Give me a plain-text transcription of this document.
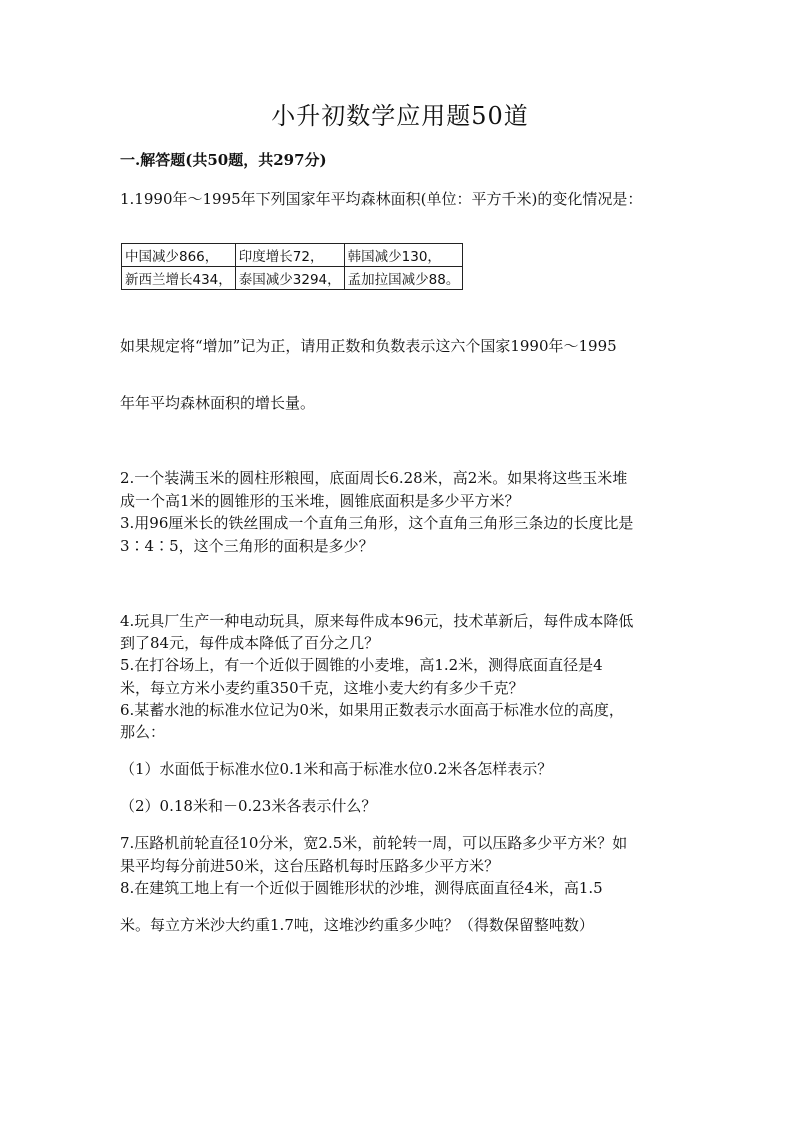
小升初数学应用题50道
一.解答题(共50题，共297分)
1.1990年～1995年下列国家年平均森林面积(单位：平方千米)的变化情况是：
中国减少866，	印度增长72，	韩国减少130，
新西兰增长434，	泰国减少3294，	孟加拉国减少88。
如果规定将“增加”记为正，请用正数和负数表示这六个国家1990年～1995
年年平均森林面积的增长量。
2.一个装满玉米的圆柱形粮囤，底面周长6.28米，高2米。如果将这些玉米堆
成一个高1米的圆锥形的玉米堆，圆锥底面积是多少平方米？
3.用96厘米长的铁丝围成一个直角三角形，这个直角三角形三条边的长度比是
3∶4∶5，这个三角形的面积是多少？
4.玩具厂生产一种电动玩具，原来每件成本96元，技术革新后，每件成本降低
到了84元，每件成本降低了百分之几？
5.在打谷场上，有一个近似于圆锥的小麦堆，高1.2米，测得底面直径是4
米，每立方米小麦约重350千克，这堆小麦大约有多少千克？
6.某蓄水池的标准水位记为0米，如果用正数表示水面高于标准水位的高度，
那么：
（1）水面低于标准水位0.1米和高于标准水位0.2米各怎样表示？
（2）0.18米和－0.23米各表示什么？
7.压路机前轮直径10分米，宽2.5米，前轮转一周，可以压路多少平方米？如
果平均每分前进50米，这台压路机每时压路多少平方米？
8.在建筑工地上有一个近似于圆锥形状的沙堆，测得底面直径4米，高1.5
米。每立方米沙大约重1.7吨，这堆沙约重多少吨？（得数保留整吨数）
